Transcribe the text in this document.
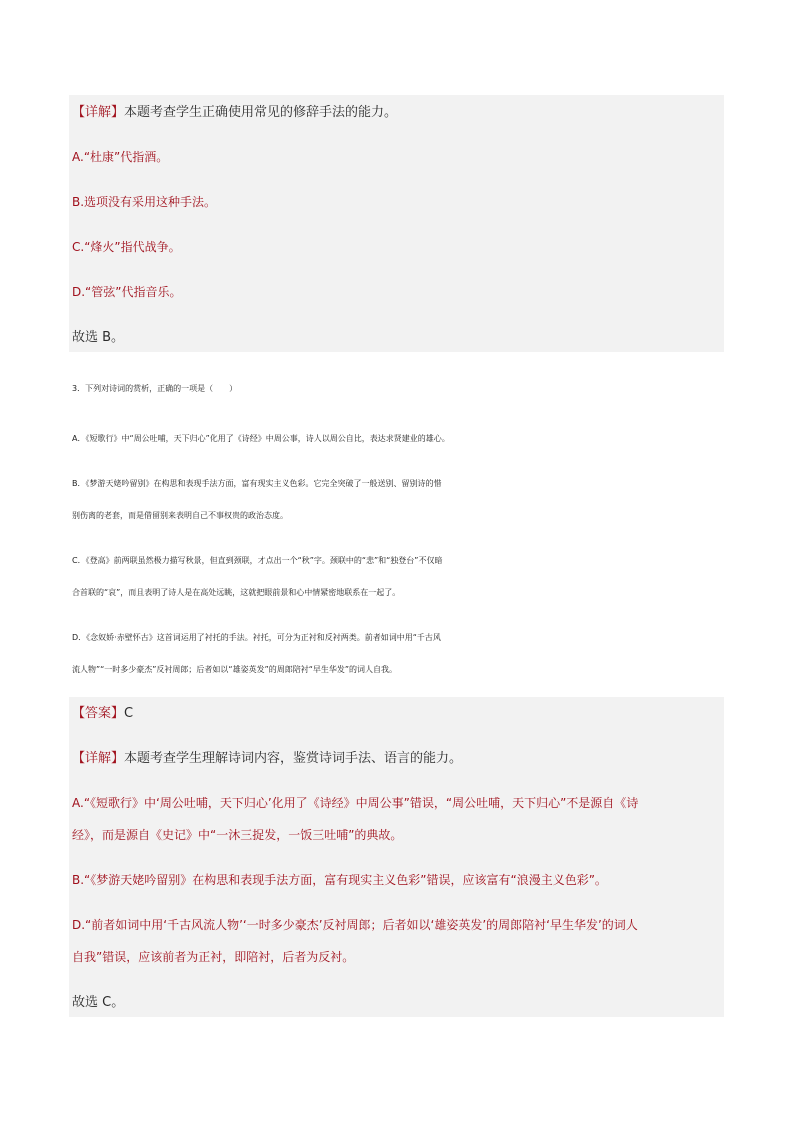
【详解】本题考查学生正确使用常见的修辞手法的能力。
A.“杜康”代指酒。
B.选项没有采用这种手法。
C.“烽火”指代战争。
D.“管弦”代指音乐。
故选 B。
3．下列对诗词的赏析，正确的一项是（　　）
A．《短歌行》中“周公吐哺，天下归心”化用了《诗经》中周公事，诗人以周公自比，表达求贤建业的雄心。
B．《梦游天姥吟留别》在构思和表现手法方面，富有现实主义色彩。它完全突破了一般送别、留别诗的惜
别伤离的老套，而是借留别来表明自己不事权贵的政治态度。
C．《登高》前两联虽然极力描写秋景，但直到颈联，才点出一个“秋”字。颈联中的“悲”和“独登台”不仅暗
合首联的“哀”，而且表明了诗人是在高处远眺，这就把眼前景和心中情紧密地联系在一起了。
D．《念奴娇·赤壁怀古》这首词运用了衬托的手法。衬托，可分为正衬和反衬两类。前者如词中用“千古风
流人物”“一时多少豪杰”反衬周郎；后者如以“雄姿英发”的周郎陪衬“早生华发”的词人自我。
【答案】C
【详解】本题考查学生理解诗词内容，鉴赏诗词手法、语言的能力。
A.“《短歌行》中‘周公吐哺，天下归心’化用了《诗经》中周公事”错误，“周公吐哺，天下归心”不是源自《诗
经》，而是源自《史记》中“一沐三捉发，一饭三吐哺”的典故。
B.“《梦游天姥吟留别》在构思和表现手法方面，富有现实主义色彩”错误，应该富有“浪漫主义色彩”。
D.“前者如词中用‘千古风流人物’‘一时多少豪杰’反衬周郎；后者如以‘雄姿英发’的周郎陪衬‘早生华发’的词人
自我”错误，应该前者为正衬，即陪衬，后者为反衬。
故选 C。
